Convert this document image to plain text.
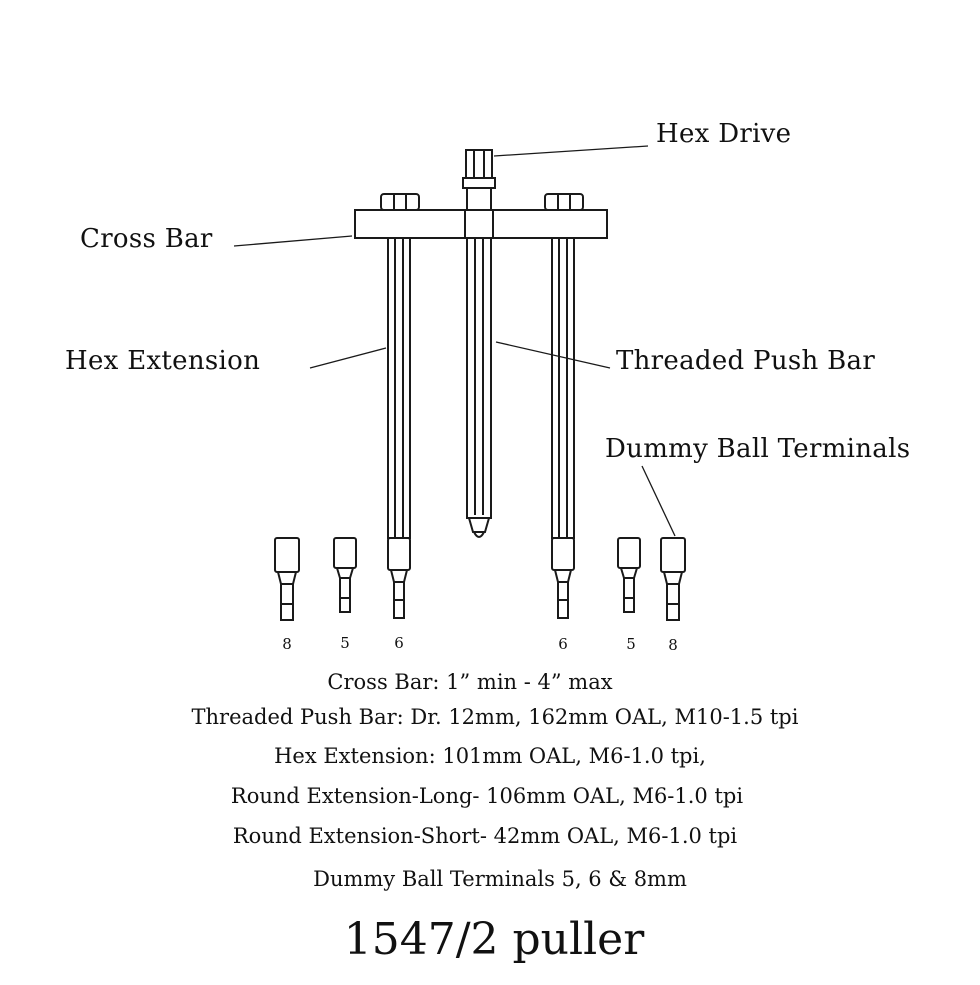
Hex Drive
Cross Bar
Hex Extension	Threaded Push Bar
Dummy Ball Terminals
8	5	6	6	5	8
Cross Bar: 1” min - 4” max
Threaded Push Bar: Dr. 12mm, 162mm OAL, M10-1.5 tpi
Hex Extension: 101mm OAL, M6-1.0 tpi,
Round Extension-Long- 106mm OAL, M6-1.0 tpi
Round Extension-Short- 42mm OAL, M6-1.0 tpi
Dummy Ball Terminals 5, 6 & 8mm
1547/2 puller
